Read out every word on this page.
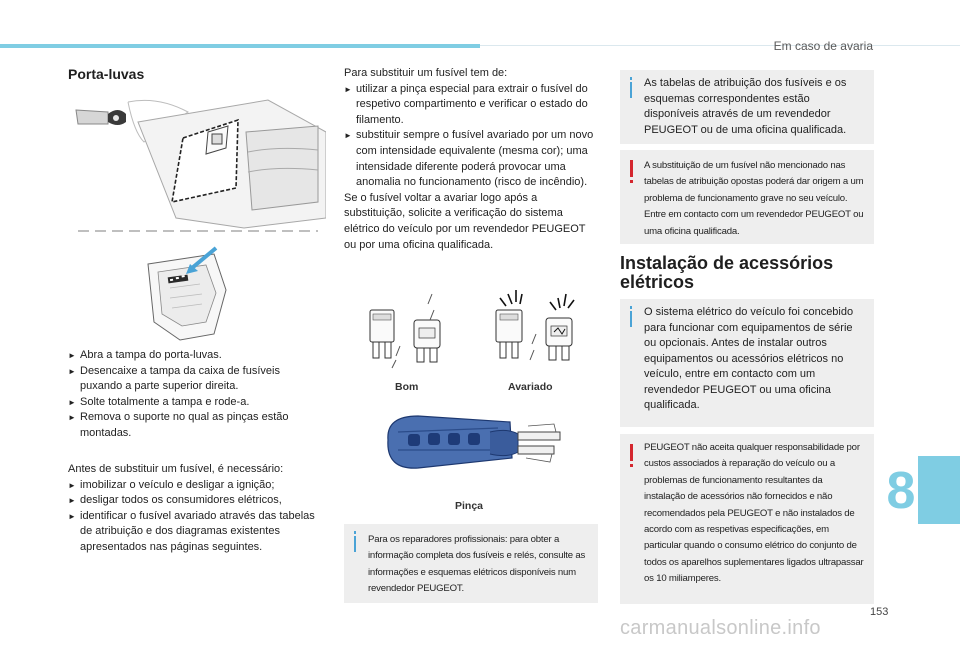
Em caso de avaria
Porta-luvas
► Abra a tampa do porta-luvas.
► Desencaixe a tampa da caixa de fusíveis puxando a parte superior direita.
► Solte totalmente a tampa e rode-a.
► Remova o suporte no qual as pinças estão montadas.

Antes de substituir um fusível, é necessário:

► imobilizar o veículo e desligar a ignição;
► desligar todos os consumidores elétricos,
► identificar o fusível avariado através das tabelas de atribuição e dos diagramas existentes apresentados nas páginas seguintes.

Para substituir um fusível tem de:

► utilizar a pinça especial para extrair o fusível do respetivo compartimento e verificar o estado do filamento.
► substituir sempre o fusível avariado por um novo com intensidade equivalente (mesma cor); uma intensidade diferente poderá provocar uma anomalia no funcionamento (risco de incêndio).

Se o fusível voltar a avariar logo após a substituição, solicite a verificação do sistema elétrico do veículo por um revendedor PEUGEOT ou por uma oficina qualificada.

Bom	Avariado
Pinça
Para os reparadores profissionais: para obter a informação completa dos fusíveis e relés, consulte as informações e esquemas elétricos disponíveis num revendedor PEUGEOT.
As tabelas de atribuição dos fusíveis e os esquemas correspondentes estão disponíveis através de um revendedor PEUGEOT ou de uma oficina qualificada.
A substituição de um fusível não mencionado nas tabelas de atribuição opostas poderá dar origem a um problema de funcionamento grave no seu veículo. Entre em contacto com um revendedor PEUGEOT ou uma oficina qualificada.
Instalação de acessórios elétricos
O sistema elétrico do veículo foi concebido para funcionar com equipamentos de série ou opcionais. Antes de instalar outros equipamentos ou acessórios elétricos no veículo, entre em contacto com um revendedor PEUGEOT ou uma oficina qualificada.
PEUGEOT não aceita qualquer responsabilidade por custos associados à reparação do veículo ou a problemas de funcionamento resultantes da instalação de acessórios não fornecidos e não recomendados pela PEUGEOT e não instalados de acordo com as respetivas especificações, em particular quando o consumo elétrico do conjunto de todos os aparelhos suplementares ligados ultrapassar os 10 miliamperes.
8
153
carmanualsonline.info
